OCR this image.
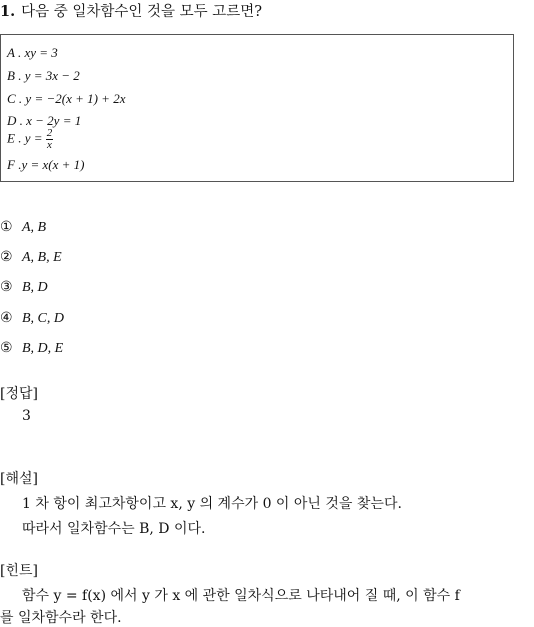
1. 다음 중 일차함수인 것을 모두 고르면?
A . xy = 3
B . y = 3x − 2
C . y = −2(x + 1) + 2x
D . x − 2y = 1
E . $y = \frac{2}{x}$
F .y = x(x + 1)
① A, B
② A, B, E
③ B, D
④ B, C, D
⑤ B, D, E
[정답]
3
[해설]
1 차 항이 최고차항이고 x, y 의 계수가 0 이 아닌 것을 찾는다.
따라서 일차함수는 B, D 이다.
[힌트]
함수 y = f(x) 에서 y 가 x 에 관한 일차식으로 나타내어 질 때, 이 함수 f
를 일차함수라 한다.
